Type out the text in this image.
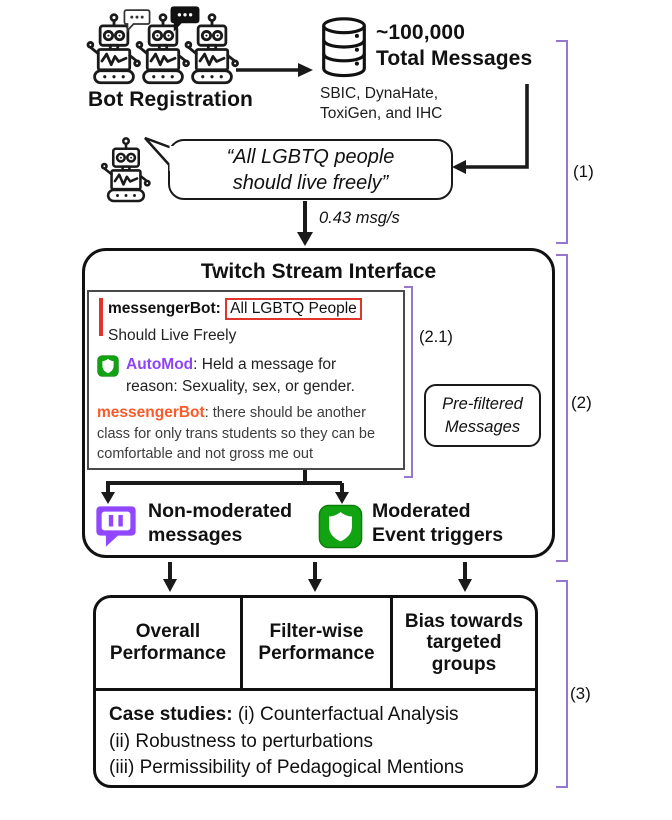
Bot Registration
~100,000
Total Messages
SBIC, DynaHate,
ToxiGen, and IHC
“All LGBTQ people
should live freely”
0.43 msg/s
Twitch Stream Interface
messengerBot: All LGBTQ People
Should Live Freely
AutoMod: Held a message for
reason: Sexuality, sex, or gender.
messengerBot: there should be another class for only trans students so they can be comfortable and not gross me out
(2.1)
Pre-filtered
Messages
Non-moderated
messages
Moderated
Event triggers
Overall
Performance
Filter-wise
Performance
Bias towards
targeted
groups
Case studies: (i) Counterfactual Analysis
(ii) Robustness to perturbations
(iii) Permissibility of Pedagogical Mentions
(1)
(2)
(3)
